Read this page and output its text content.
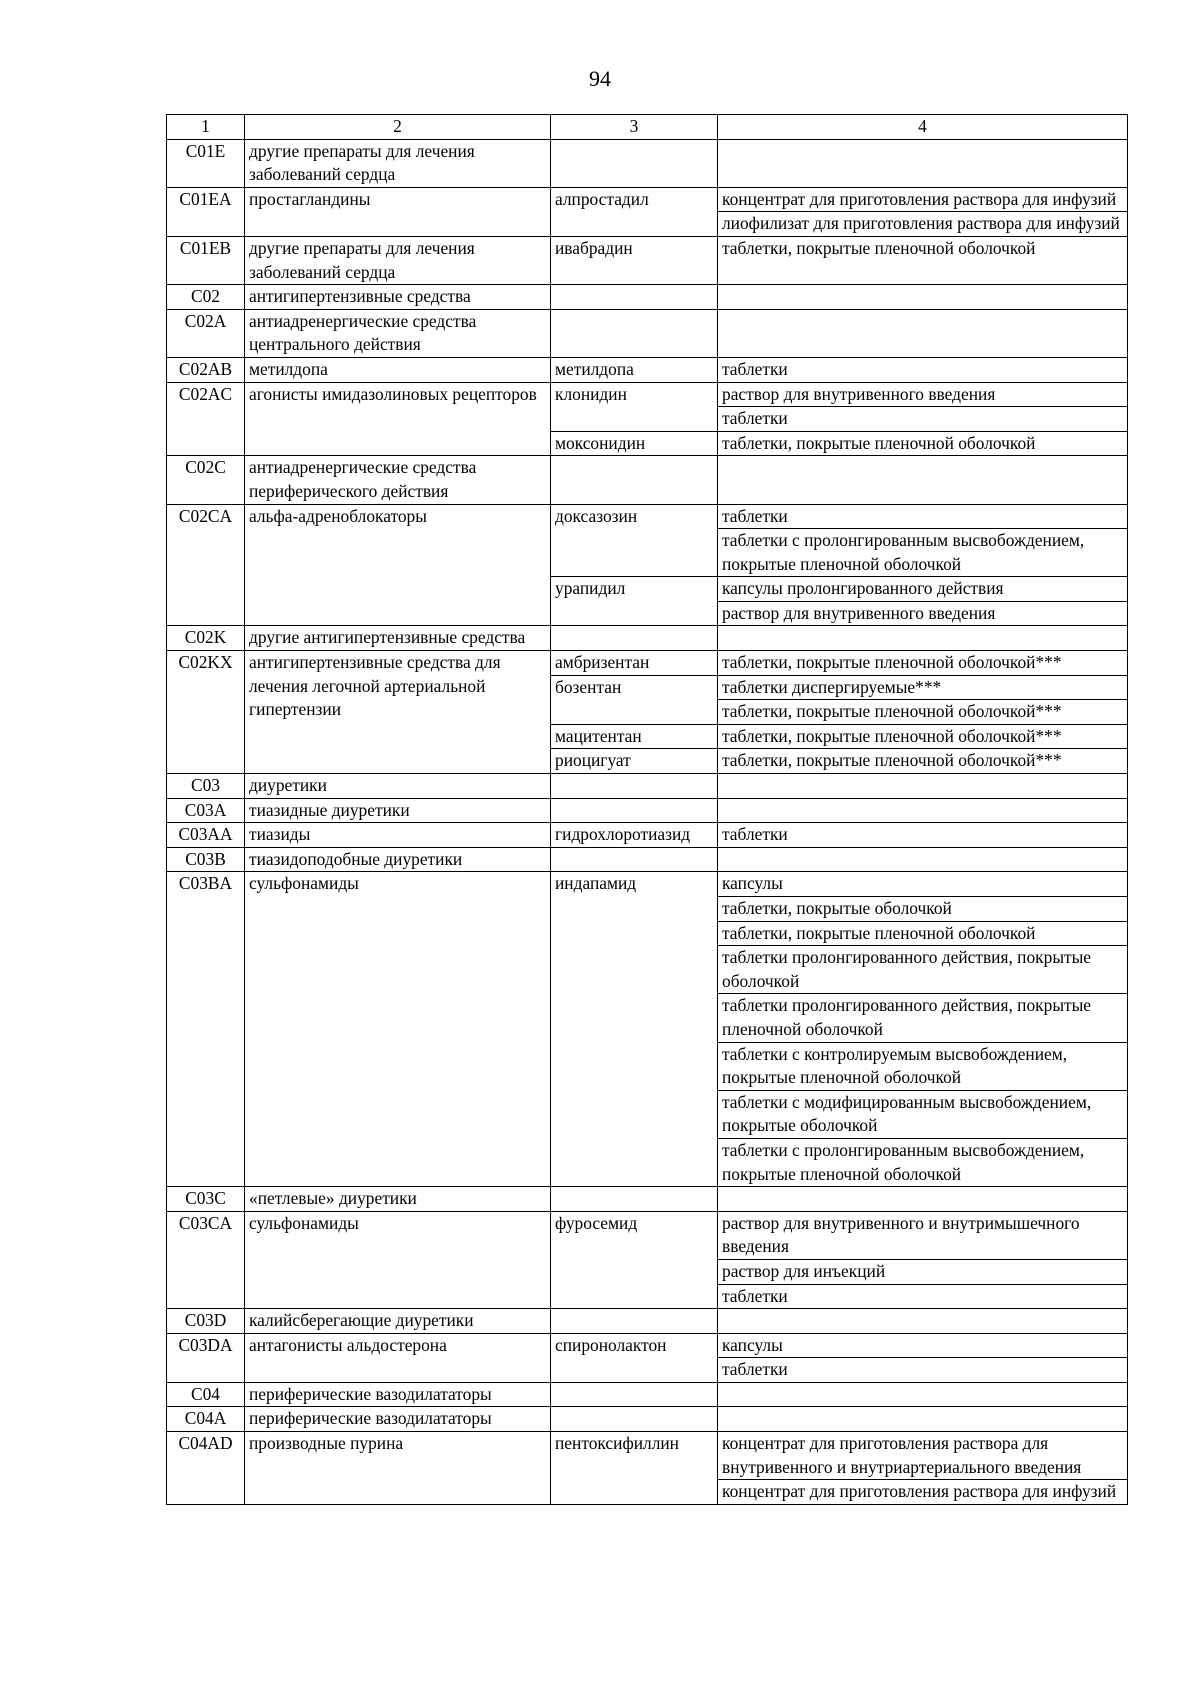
94
1	2	3	4
C01E	другие препараты для лечения заболеваний сердца		
C01EA	простагландины	алпростадил	концентрат для приготовления раствора для инфузий
			лиофилизат для приготовления раствора для инфузий
C01EB	другие препараты для лечения заболеваний сердца	ивабрадин	таблетки, покрытые пленочной оболочкой
C02	антигипертензивные средства		
C02A	антиадренергические средства центрального действия		
C02AB	метилдопа	метилдопа	таблетки
C02AC	агонисты имидазолиновых рецепторов	клонидин	раствор для внутривенного введения
			таблетки
		моксонидин	таблетки, покрытые пленочной оболочкой
C02C	антиадренергические средства периферического действия		
C02CA	альфа-адреноблокаторы	доксазозин	таблетки
			таблетки с пролонгированным высвобождением, покрытые пленочной оболочкой
		урапидил	капсулы пролонгированного действия
			раствор для внутривенного введения
C02K	другие антигипертензивные средства		
C02KX	антигипертензивные средства для лечения легочной артериальной гипертензии	амбризентан	таблетки, покрытые пленочной оболочкой***
		бозентан	таблетки диспергируемые***
			таблетки, покрытые пленочной оболочкой***
		мацитентан	таблетки, покрытые пленочной оболочкой***
		риоцигуат	таблетки, покрытые пленочной оболочкой***
C03	диуретики		
C03A	тиазидные диуретики		
C03AA	тиазиды	гидрохлоротиазид	таблетки
C03B	тиазидоподобные диуретики		
C03BA	сульфонамиды	индапамид	капсулы
			таблетки, покрытые оболочкой
			таблетки, покрытые пленочной оболочкой
			таблетки пролонгированного действия, покрытые оболочкой
			таблетки пролонгированного действия, покрытые пленочной оболочкой
			таблетки с контролируемым высвобождением, покрытые пленочной оболочкой
			таблетки с модифицированным высвобождением, покрытые оболочкой
			таблетки с пролонгированным высвобождением, покрытые пленочной оболочкой
C03C	«петлевые» диуретики		
C03CA	сульфонамиды	фуросемид	раствор для внутривенного и внутримышечного введения
			раствор для инъекций
			таблетки
C03D	калийсберегающие диуретики		
C03DA	антагонисты альдостерона	спиронолактон	капсулы
			таблетки
C04	периферические вазодилататоры		
C04A	периферические вазодилататоры		
C04AD	производные пурина	пентоксифиллин	концентрат для приготовления раствора для внутривенного и внутриартериального введения
			концентрат для приготовления раствора для инфузий
